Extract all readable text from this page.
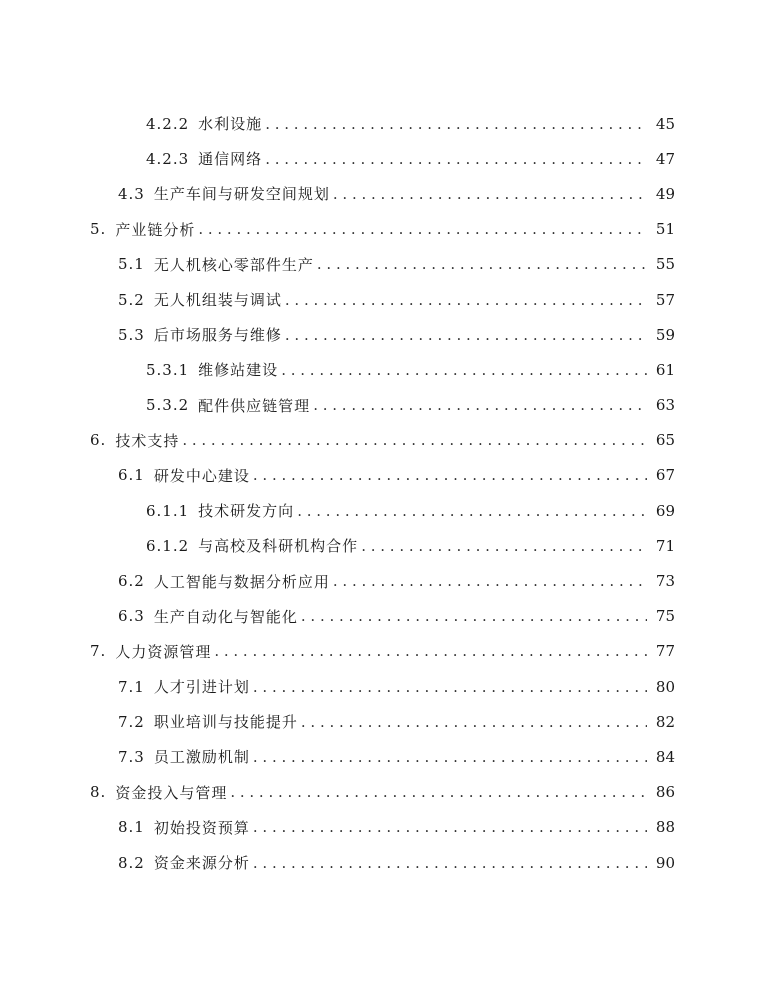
4.2.2 水利设施 . . .	45
4.2.3 通信网络 . . .	47
4.3 生产车间与研发空间规划 . . .	49
5. 产业链分析 . . .	51
5.1 无人机核心零部件生产 . . .	55
5.2 无人机组装与调试 . . .	57
5.3 后市场服务与维修 . . .	59
5.3.1 维修站建设 . . .	61
5.3.2 配件供应链管理 . . .	63
6. 技术支持 . . .	65
6.1 研发中心建设 . . .	67
6.1.1 技术研发方向 . . .	69
6.1.2 与高校及科研机构合作 . . .	71
6.2 人工智能与数据分析应用 . . .	73
6.3 生产自动化与智能化 . . .	75
7. 人力资源管理 . . .	77
7.1 人才引进计划 . . .	80
7.2 职业培训与技能提升 . . .	82
7.3 员工激励机制 . . .	84
8. 资金投入与管理 . . .	86
8.1 初始投资预算 . . .	88
8.2 资金来源分析 . . .	90
